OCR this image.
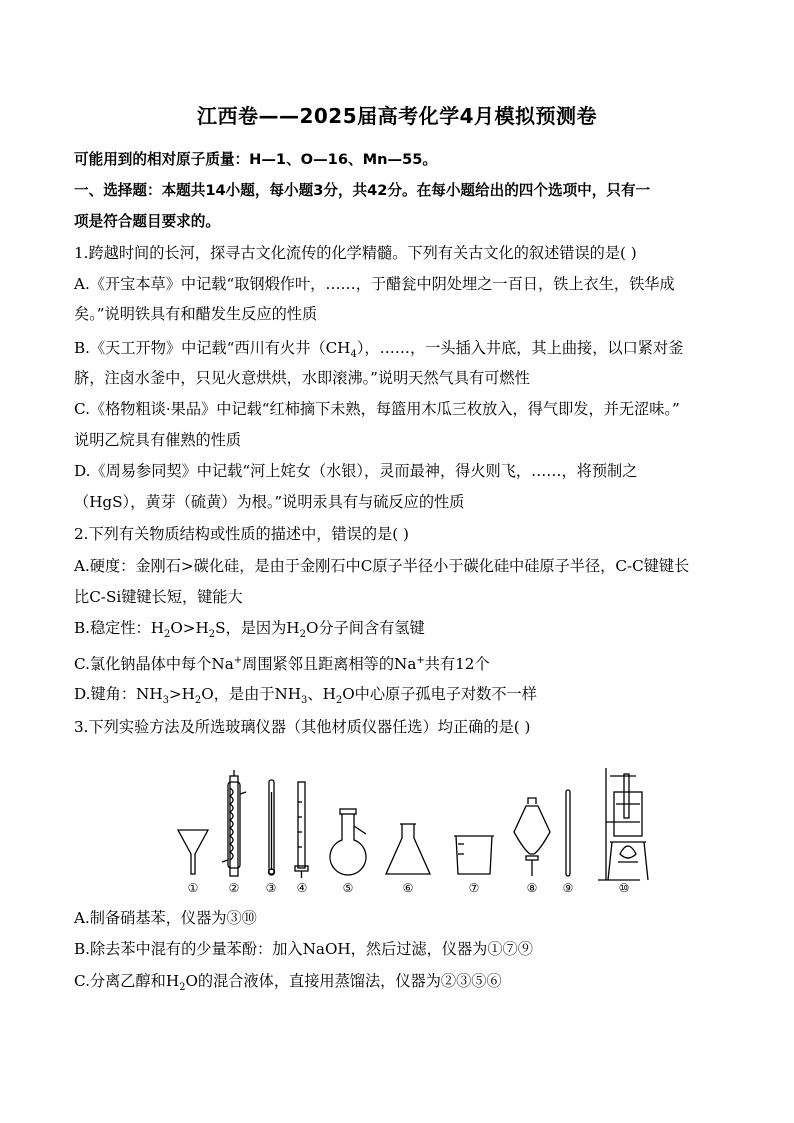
江西卷——2025届高考化学4月模拟预测卷
可能用到的相对原子质量：H—1、O—16、Mn—55。
一、选择题：本题共14小题，每小题3分，共42分。在每小题给出的四个选项中，只有一
项是符合题目要求的。
1.跨越时间的长河，探寻古文化流传的化学精髓。下列有关古文化的叙述错误的是( )
A.《开宝本草》中记载“取钢煅作叶，……，于醋瓮中阴处埋之一百日，铁上衣生，铁华成
矣。”说明铁具有和醋发生反应的性质
B.《天工开物》中记载“西川有火井$(CH_4)$，……，一头插入井底，其上曲接，以口紧对釜
脐，注卤水釜中，只见火意烘烘，水即滚沸。”说明天然气具有可燃性
C.《格物粗谈·果品》中记载“红柿摘下未熟，每篮用木瓜三枚放入，得气即发，并无涩味。”
说明乙烷具有催熟的性质
D.《周易参同契》中记载“河上姹女（水银），灵而最神，得火则飞，……，将预制之
（HgS），黄芽（硫黄）为根。”说明汞具有与硫反应的性质
2.下列有关物质结构或性质的描述中，错误的是( )
A.硬度：金刚石>碳化硅，是由于金刚石中C原子半径小于碳化硅中硅原子半径，C-C键键长
比C-Si键键长短，键能大
B.稳定性：$H_2O>H_2S$，是因为$H_2O$分子间含有氢键
C.氯化钠晶体中每个Na+周围紧邻且距离相等的Na+共有12个
D.键角：$NH_3>H_2O$，是由于$NH_3$、$H_2O$中心原子孤电子对数不一样
3.下列实验方法及所选玻璃仪器（其他材质仪器任选）均正确的是( )
①	② ③ ④	⑤	⑥	⑦	⑧ ⑨	⑩
A.制备硝基苯，仪器为③⑩
B.除去苯中混有的少量苯酚：加入NaOH，然后过滤，仪器为①⑦⑨
C.分离乙醇和$H_2O$的混合液体，直接用蒸馏法，仪器为②③⑤⑥
